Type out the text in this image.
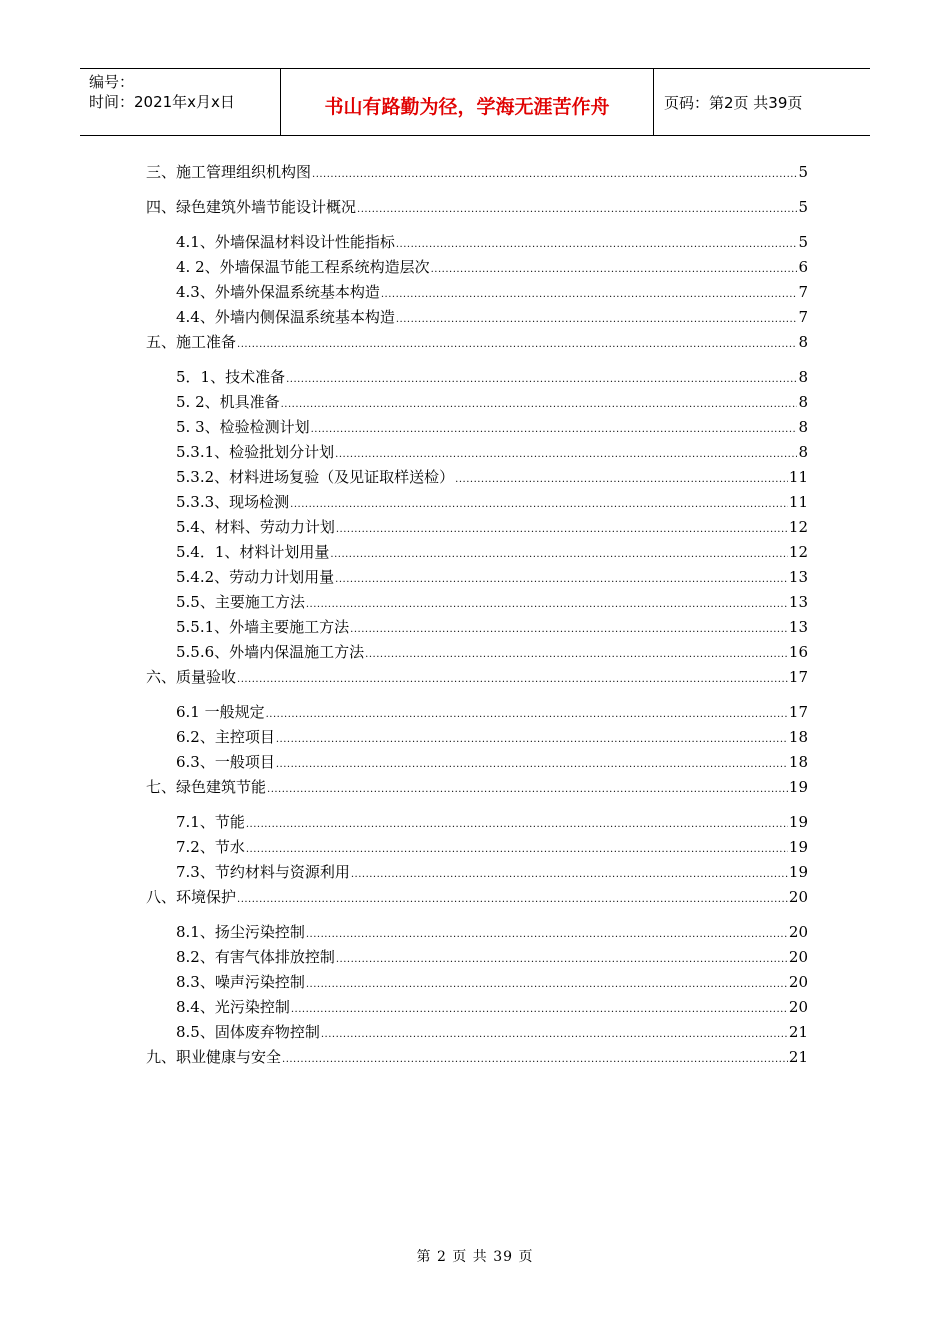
编号：
时间：2021年x月x日	书山有路勤为径，学海无涯苦作舟	页码：第2页 共39页
三、施工管理组织机构图 .....	5
四、绿色建筑外墙节能设计概况 .....	5
4.1、外墙保温材料设计性能指标 .....	5
4. 2、外墙保温节能工程系统构造层次 .....	6
4.3、外墙外保温系统基本构造 .....	7
4.4、外墙内侧保温系统基本构造 .....	7
五、施工准备 .....	8
5．1、技术准备 .....	8
5. 2、机具准备 .....	8
5. 3、检验检测计划 .....	8
5.3.1、检验批划分计划 .....	8
5.3.2、材料进场复验（及见证取样送检） .....	11
5.3.3、现场检测 .....	11
5.4、材料、劳动力计划 .....	12
5.4．1、材料计划用量 .....	12
5.4.2、劳动力计划用量 .....	13
5.5、主要施工方法 .....	13
5.5.1、外墙主要施工方法 .....	13
5.5.6、外墙内保温施工方法 .....	16
六、质量验收 .....	17
6.1 一般规定 .....	17
6.2、主控项目 .....	18
6.3、一般项目 .....	18
七、绿色建筑节能 .....	19
7.1、节能 .....	19
7.2、节水 .....	19
7.3、节约材料与资源利用 .....	19
八、环境保护 .....	20
8.1、扬尘污染控制 .....	20
8.2、有害气体排放控制 .....	20
8.3、噪声污染控制 .....	20
8.4、光污染控制 .....	20
8.5、固体废弃物控制 .....	21
九、职业健康与安全 .....	21
第 2 页 共 39 页
